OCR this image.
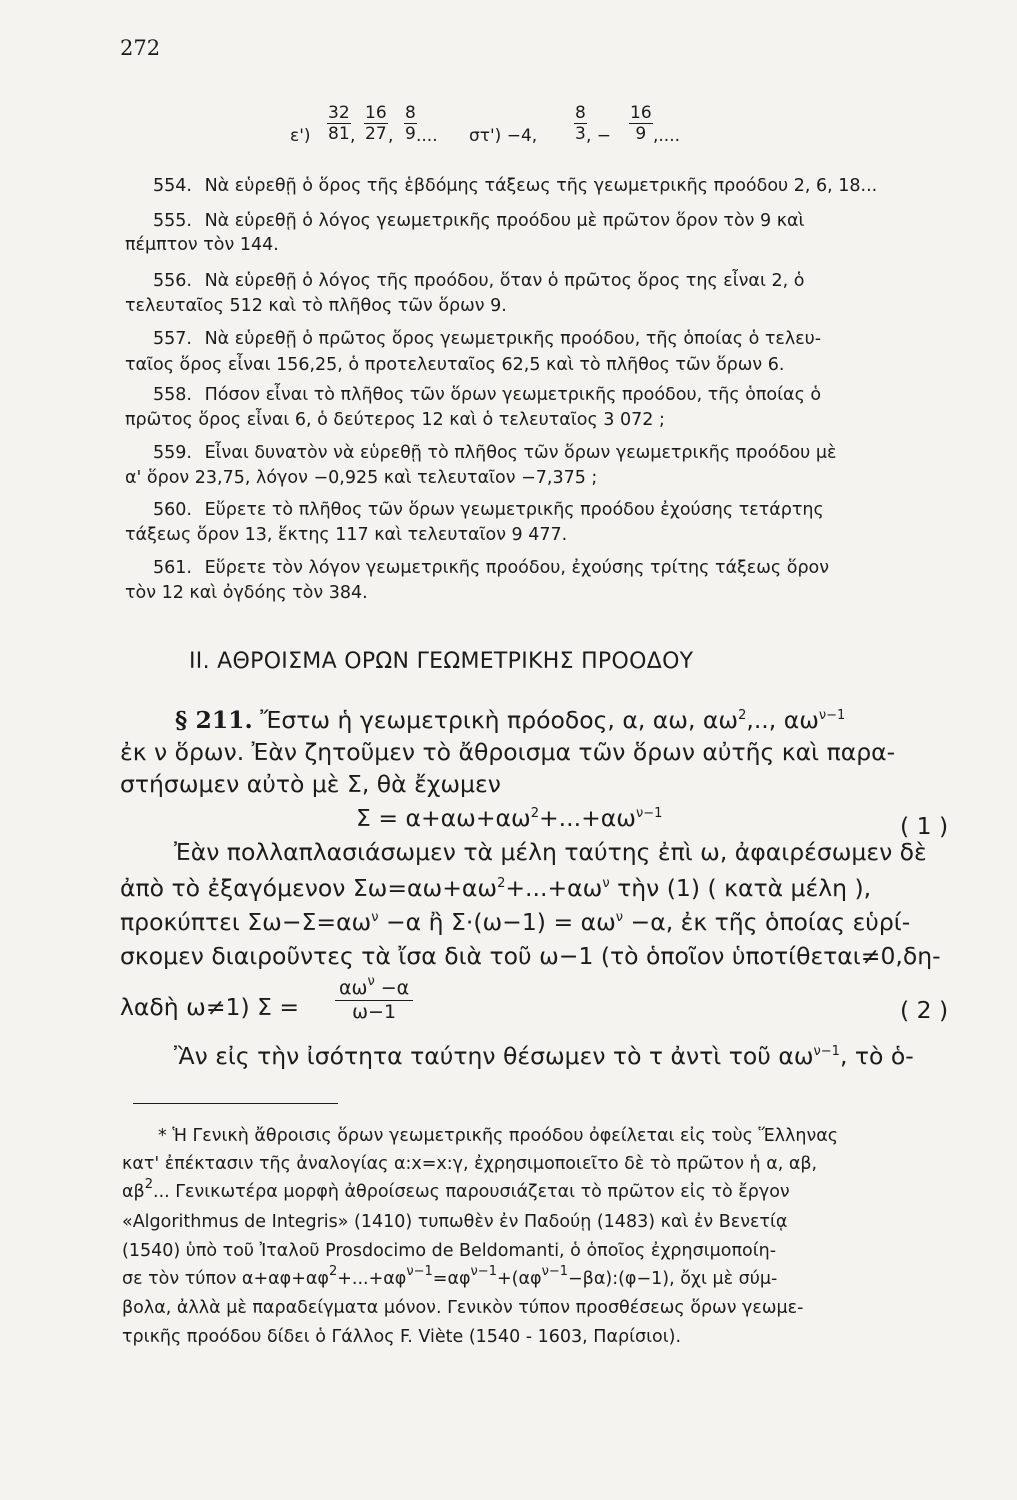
272
$\varepsilon') \frac{32}{81}$ , $\frac{16}{27}$ , $\frac{8}{9}$ .... στ') −4, $\frac{8}{3}$ , − $\frac{16}{9}$ ,....
554. Νὰ εὑρεθῇ ὁ ὅρος τῆς ἑβδόμης τάξεως τῆς γεωμετρικῆς προόδου 2, 6, 18...
555. Νὰ εὑρεθῇ ὁ λόγος γεωμετρικῆς προόδου μὲ πρῶτον ὅρον τὸν 9 καὶ
πέμπτον τὸν 144.
556. Νὰ εὑρεθῇ ὁ λόγος τῆς προόδου, ὅταν ὁ πρῶτος ὅρος της εἶναι 2, ὁ
τελευταῖος 512 καὶ τὸ πλῆθος τῶν ὅρων 9.
557. Νὰ εὑρεθῇ ὁ πρῶτος ὅρος γεωμετρικῆς προόδου, τῆς ὁποίας ὁ τελευ-
ταῖος ὅρος εἶναι 156,25, ὁ προτελευταῖος 62,5 καὶ τὸ πλῆθος τῶν ὅρων 6.
558. Πόσον εἶναι τὸ πλῆθος τῶν ὅρων γεωμετρικῆς προόδου, τῆς ὁποίας ὁ
πρῶτος ὅρος εἶναι 6, ὁ δεύτερος 12 καὶ ὁ τελευταῖος 3 072 ;
559. Εἶναι δυνατὸν νὰ εὑρεθῇ τὸ πλῆθος τῶν ὅρων γεωμετρικῆς προόδου μὲ
α' ὅρον 23,75, λόγον −0,925 καὶ τελευταῖον −7,375 ;
560. Εὕρετε τὸ πλῆθος τῶν ὅρων γεωμετρικῆς προόδου ἐχούσης τετάρτης
τάξεως ὅρον 13, ἕκτης 117 καὶ τελευταῖον 9 477.
561. Εὕρετε τὸν λόγον γεωμετρικῆς προόδου, ἐχούσης τρίτης τάξεως ὅρον
τὸν 12 καὶ ὀγδόης τὸν 384.
ΙΙ. ΑΘΡΟΙΣΜΑ ΟΡΩΝ ΓΕΩΜΕΤΡΙΚΗΣ ΠΡΟΟΔΟΥ
§ 211. Ἔστω ἡ γεωμετρικὴ πρόοδος, α, αω, $\alpha\omega^2$,.., $\alpha\omega^{\nu-1}$
ἐκ ν ὅρων. Ἐὰν ζητοῦμεν τὸ ἄθροισμα τῶν ὅρων αὐτῆς καὶ παρα-
στήσωμεν αὐτὸ μὲ Σ, θὰ ἔχωμεν
$\Sigma = \alpha+\alpha\omega+\alpha\omega^2+...+\alpha\omega^{\nu-1}$	( 1 )
Ἐὰν πολλαπλασιάσωμεν τὰ μέλη ταύτης ἐπὶ ω, ἀφαιρέσωμεν δὲ
ἀπὸ τὸ ἐξαγόμενον $\Sigma\omega=\alpha\omega+\alpha\omega^2+...+\alpha\omega^\nu$ τὴν (1) ( κατὰ μέλη ),
προκύπτει $\Sigma\omega-\Sigma=\alpha\omega^\nu -\alpha$ ἢ $\Sigma\cdot(\omega-1) = \alpha\omega^\nu -\alpha$, ἐκ τῆς ὁποίας εὑρί-
σκομεν διαιροῦντες τὰ ἴσα διὰ τοῦ ω−1 (τὸ ὁποῖον ὑποτίθεται≠0,δη-
λαδὴ ω≠1) Σ =
$\alpha\omega^\nu -\alpha$
ω−1	( 2 )
Ἂν εἰς τὴν ἰσότητα ταύτην θέσωμεν τὸ τ ἀντὶ τοῦ $\alpha\omega^{\nu-1}$, τὸ ὁ-
* Ἡ Γενικὴ ἄθροισις ὅρων γεωμετρικῆς προόδου ὀφείλεται εἰς τοὺς Ἕλληνας
κατ' ἐπέκτασιν τῆς ἀναλογίας α:x=x:γ, ἐχρησιμοποιεῖτο δὲ τὸ πρῶτον ἡ α, αβ,
$\alpha\beta^2$... Γενικωτέρα μορφὴ ἀθροίσεως παρουσιάζεται τὸ πρῶτον εἰς τὸ ἔργον
«Algorithmus de Integris» (1410) τυπωθὲν ἐν Παδούῃ (1483) καὶ ἐν Βενετίᾳ
(1540) ὑπὸ τοῦ Ἰταλοῦ Prosdocimo de Beldomanti, ὁ ὁποῖος ἐχρησιμοποίη-
σε τὸν τύπον $\alpha+\alpha\varphi+\alpha\varphi^2+...+\alpha\varphi^{\nu-1}=\alpha\varphi^{\nu-1}+(\alpha\varphi^{\nu-1}-\beta\alpha):(\varphi-1)$, ὄχι μὲ σύμ-
βολα, ἀλλὰ μὲ παραδείγματα μόνον. Γενικὸν τύπον προσθέσεως ὅρων γεωμε-
τρικῆς προόδου δίδει ὁ Γάλλος F. Viète (1540 - 1603, Παρίσιοι).
